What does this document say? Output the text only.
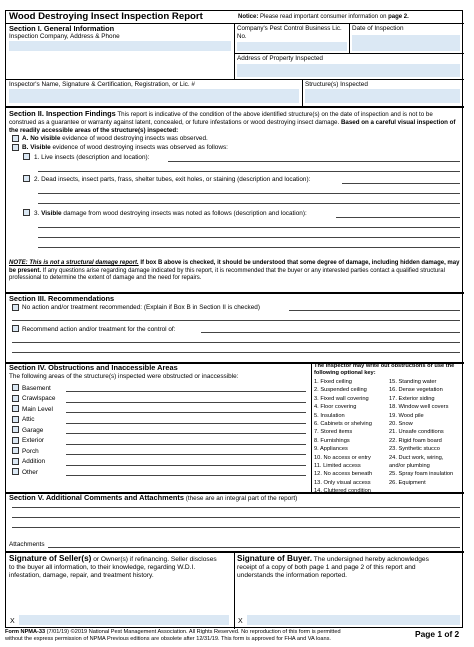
Wood Destroying Insect Inspection Report	Notice: Please read important consumer information on page 2.
Section I. General Information
Inspection Company, Address & Phone
Company's Pest Control Business Lic. No.
Date of Inspection
Address of Property Inspected
Inspector's Name, Signature & Certification, Registration, or Lic. #	Structure(s) Inspected
Section II. Inspection Findings This report is indicative of the condition of the above identified structure(s) on the date of inspection and is not to be construed as a guarantee or warranty against latent, concealed, or future infestations or wood destroying insect damage. Based on a careful visual inspection of the readily accessible areas of the structure(s) inspected:
A. No visible evidence of wood destroying insects was observed.
B. Visible evidence of wood destroying insects was observed as follows:
1. Live insects (description and location):
2. Dead insects, insect parts, frass, shelter tubes, exit holes, or staining (description and location):
3. Visible damage from wood destroying insects was noted as follows (description and location):
NOTE: This is not a structural damage report. If box B above is checked, it should be understood that some degree of damage, including hidden damage, may be present. If any questions arise regarding damage indicated by this report, it is recommended that the buyer or any interested parties contact a qualified structural professional to determine the extent of damage and the need for repairs.
Section III. Recommendations
No action and/or treatment recommended: (Explain if Box B in Section II is checked)
Recommend action and/or treatment for the control of:
Section IV. Obstructions and Inaccessible Areas
The following areas of the structure(s) inspected were obstructed or inaccessible:
Basement
Crawlspace
Main Level
Attic
Garage
Exterior
Porch
Addition
Other
The inspector may write out obstructions or use the following optional key:
1. Fixed ceiling
2. Suspended ceiling
3. Fixed wall covering
4. Floor covering
5. Insulation
6. Cabinets or shelving
7. Stored items
8. Furnishings
9. Appliances
10. No access or entry
11. Limited access
12. No access beneath
13. Only visual access
14. Cluttered condition
15. Standing water
16. Dense vegetation
17. Exterior siding
18. Window well covers
19. Wood pile
20. Snow
21. Unsafe conditions
22. Rigid foam board
23. Synthetic stucco
24. Duct work, wiring,
and/or plumbing
25. Spray foam insulation
26. Equipment
Section V. Additional Comments and Attachments (these are an integral part of the report)
Attachments
Signature of Seller(s) or Owner(s) if refinancing. Seller discloses
to the buyer all information, to their knowledge, regarding W.D.I.
infestation, damage, repair, and treatment history.
X
Signature of Buyer. The undersigned hereby acknowledges
receipt of a copy of both page 1 and page 2 of this report and
understands the information reported.
X
Form NPMA-33 (7/01/19) ©2019 National Pest Management Association. All Rights Reserved. No reproduction of this form is permitted
without the express permission of NPMA Previous editions are obsolete after 12/31/19. This form is approved for FHA and VA loans.	Page 1 of 2
